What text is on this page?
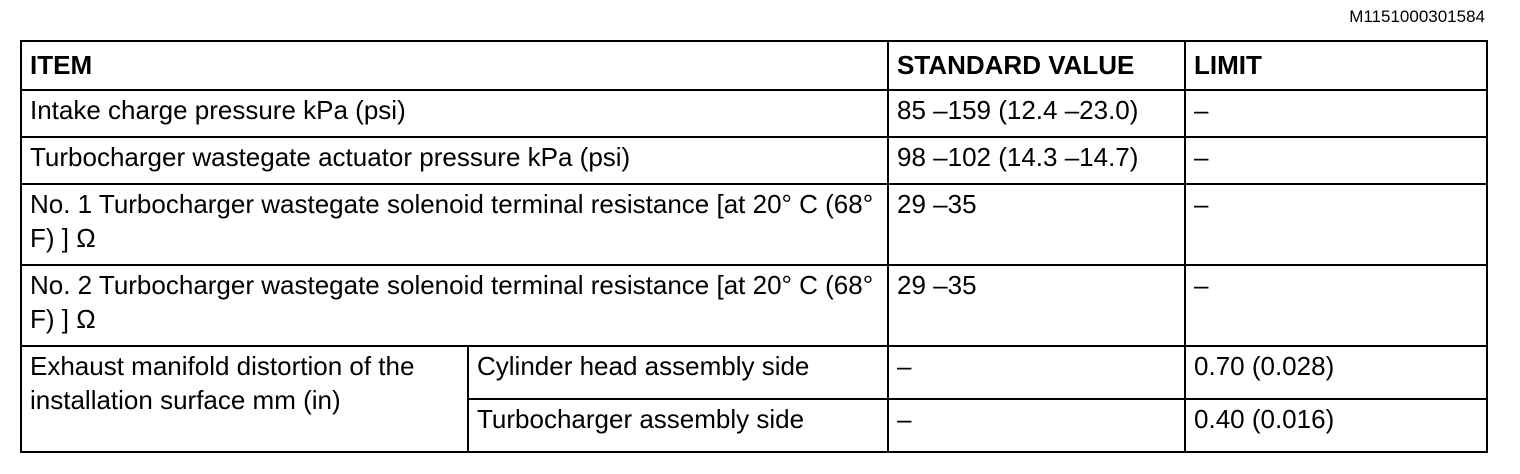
M1151000301584
ITEM		STANDARD VALUE	LIMIT
Intake charge pressure kPa (psi)		85 –159 (12.4 –23.0)	–
Turbocharger wastegate actuator pressure kPa (psi)		98 –102 (14.3 –14.7)	–
No. 1 Turbocharger wastegate solenoid terminal resistance [at 20° C (68° F) ] Ω		29 –35	–
No. 2 Turbocharger wastegate solenoid terminal resistance [at 20° C (68° F) ] Ω		29 –35	–
Exhaust manifold distortion of the installation surface mm (in)	Cylinder head assembly side	–	0.70 (0.028)
	Turbocharger assembly side	–	0.40 (0.016)
